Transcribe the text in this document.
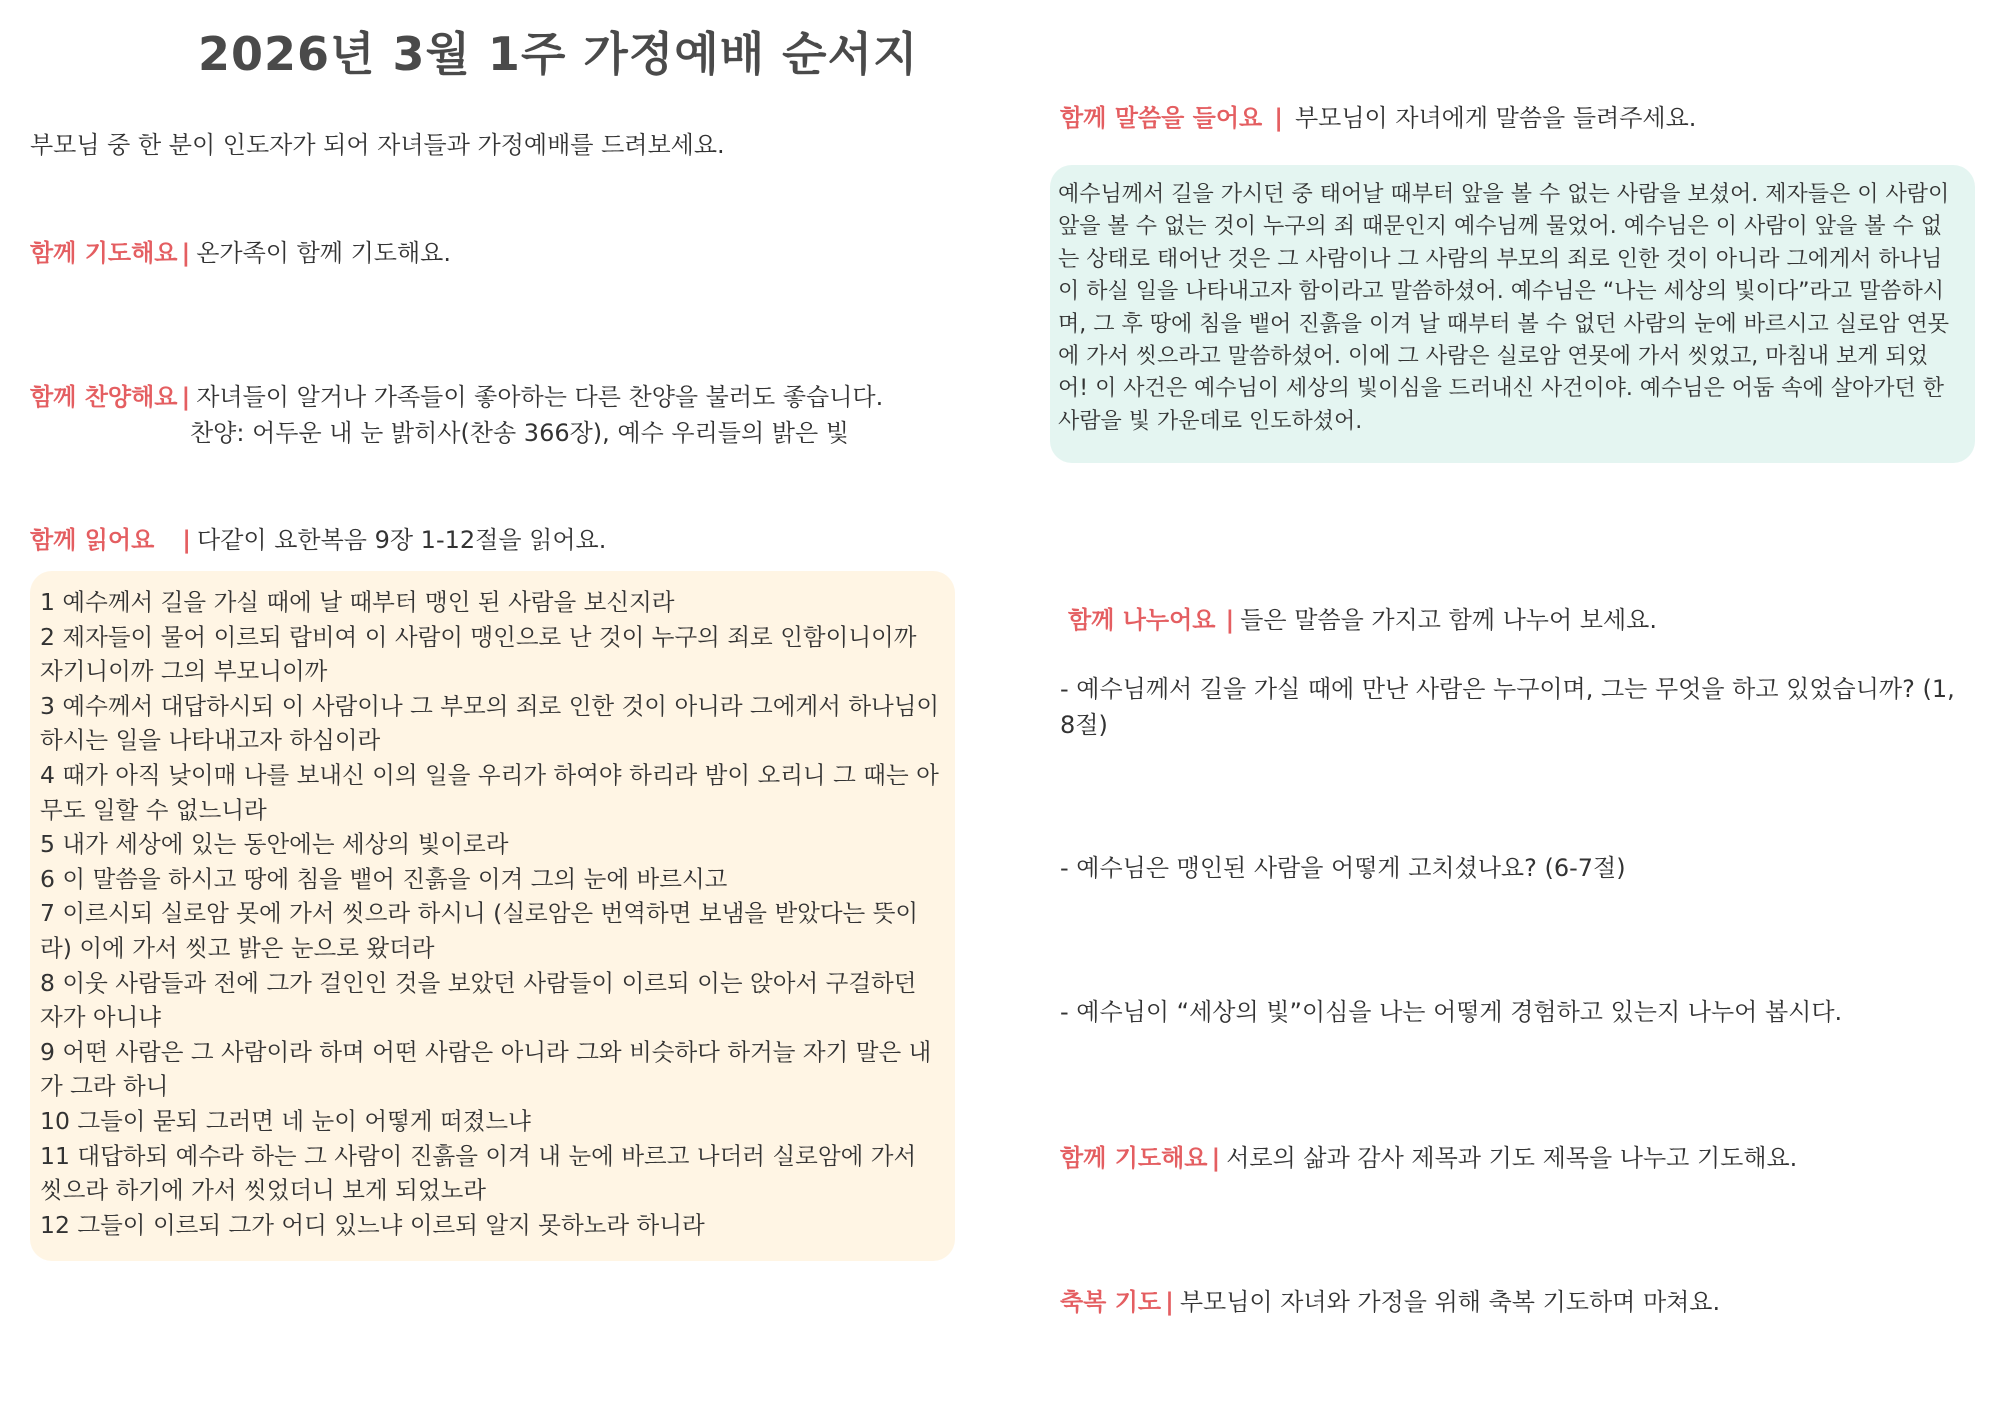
2026년 3월 1주 가정예배 순서지
부모님 중 한 분이 인도자가 되어 자녀들과 가정예배를 드려보세요.
함께 기도해요 | 온가족이 함께 기도해요.
함께 찬양해요 | 자녀들이 알거나 가족들이 좋아하는 다른 찬양을 불러도 좋습니다.
찬양: 어두운 내 눈 밝히사(찬송 366장), 예수 우리들의 밝은 빛
함께 읽어요 | 다같이 요한복음 9장 1-12절을 읽어요.

1 예수께서 길을 가실 때에 날 때부터 맹인 된 사람을 보신지라

2 제자들이 물어 이르되 랍비여 이 사람이 맹인으로 난 것이 누구의 죄로 인함이니이까 자기니이까 그의 부모니이까

3 예수께서 대답하시되 이 사람이나 그 부모의 죄로 인한 것이 아니라 그에게서 하나님이 하시는 일을 나타내고자 하심이라

4 때가 아직 낮이매 나를 보내신 이의 일을 우리가 하여야 하리라 밤이 오리니 그 때는 아무도 일할 수 없느니라

5 내가 세상에 있는 동안에는 세상의 빛이로라

6 이 말씀을 하시고 땅에 침을 뱉어 진흙을 이겨 그의 눈에 바르시고

7 이르시되 실로암 못에 가서 씻으라 하시니 (실로암은 번역하면 보냄을 받았다는 뜻이라) 이에 가서 씻고 밝은 눈으로 왔더라

8 이웃 사람들과 전에 그가 걸인인 것을 보았던 사람들이 이르되 이는 앉아서 구걸하던 자가 아니냐

9 어떤 사람은 그 사람이라 하며 어떤 사람은 아니라 그와 비슷하다 하거늘 자기 말은 내가 그라 하니

10 그들이 묻되 그러면 네 눈이 어떻게 떠졌느냐

11 대답하되 예수라 하는 그 사람이 진흙을 이겨 내 눈에 바르고 나더러 실로암에 가서 씻으라 하기에 가서 씻었더니 보게 되었노라

12 그들이 이르되 그가 어디 있느냐 이르되 알지 못하노라 하니라

함께 말씀을 들어요 | 부모님이 자녀에게 말씀을 들려주세요.
예수님께서 길을 가시던 중 태어날 때부터 앞을 볼 수 없는 사람을 보셨어. 제자들은 이 사람이 앞을 볼 수 없는 것이 누구의 죄 때문인지 예수님께 물었어. 예수님은 이 사람이 앞을 볼 수 없는 상태로 태어난 것은 그 사람이나 그 사람의 부모의 죄로 인한 것이 아니라 그에게서 하나님이 하실 일을 나타내고자 함이라고 말씀하셨어. 예수님은 “나는 세상의 빛이다”라고 말씀하시며, 그 후 땅에 침을 뱉어 진흙을 이겨 날 때부터 볼 수 없던 사람의 눈에 바르시고 실로암 연못에 가서 씻으라고 말씀하셨어. 이에 그 사람은 실로암 연못에 가서 씻었고, 마침내 보게 되었어! 이 사건은 예수님이 세상의 빛이심을 드러내신 사건이야. 예수님은 어둠 속에 살아가던 한 사람을 빛 가운데로 인도하셨어.
함께 나누어요 | 들은 말씀을 가지고 함께 나누어 보세요.
- 예수님께서 길을 가실 때에 만난 사람은 누구이며, 그는 무엇을 하고 있었습니까? (1, 8절)
- 예수님은 맹인된 사람을 어떻게 고치셨나요? (6-7절)
- 예수님이 “세상의 빛”이심을 나는 어떻게 경험하고 있는지 나누어 봅시다.
함께 기도해요 | 서로의 삶과 감사 제목과 기도 제목을 나누고 기도해요.
축복 기도 | 부모님이 자녀와 가정을 위해 축복 기도하며 마쳐요.
